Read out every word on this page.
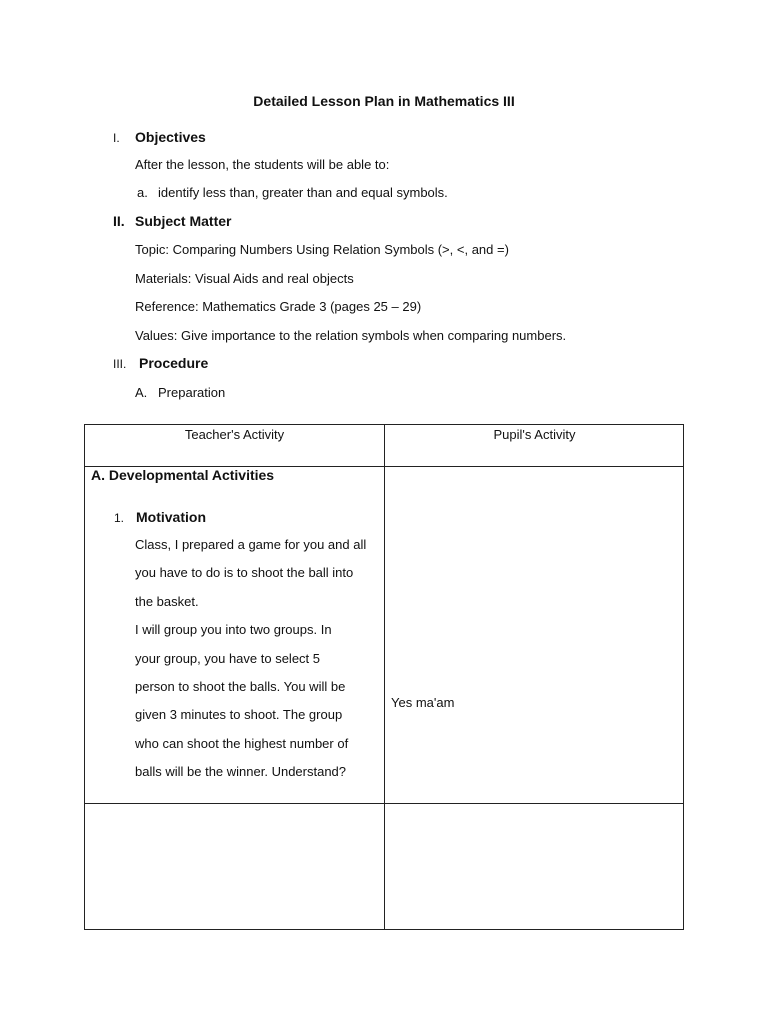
Detailed Lesson Plan in Mathematics III
I. Objectives
After the lesson, the students will be able to:
a. identify less than, greater than and equal symbols.
II. Subject Matter
Topic: Comparing Numbers Using Relation Symbols (>, <, and =)
Materials: Visual Aids and real objects
Reference: Mathematics Grade 3 (pages 25 – 29)
Values: Give importance to the relation symbols when comparing numbers.
III. Procedure
A. Preparation
Teacher's Activity	Pupil's Activity
A. Developmental Activities
1. Motivation
Yes ma'am
Class, I prepared a game for you and all
you have to do is to shoot the ball into
the basket.
I will group you into two groups. In
your group, you have to select 5
person to shoot the balls. You will be
given 3 minutes to shoot. The group
who can shoot the highest number of
balls will be the winner. Understand?
